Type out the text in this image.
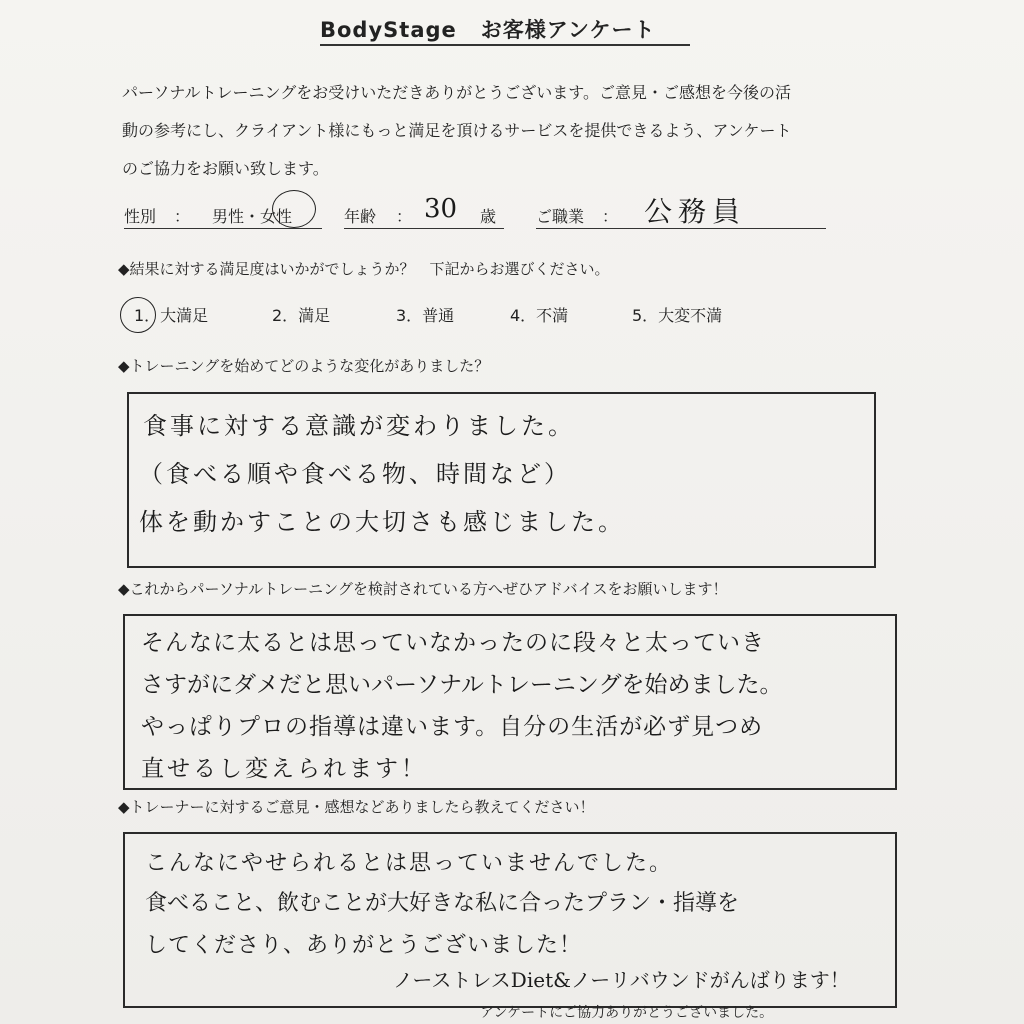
BodyStage お客様アンケート
パーソナルトレーニングをお受けいただきありがとうございます。ご意見・ご感想を今後の活
動の参考にし、クライアント様にもっと満足を頂けるサービスを提供できるよう、アンケート
のご協力をお願い致します。
性別 ： 男性・女性	年齢 ： 30 歳 ご職業 ： 公務員
◆結果に対する満足度はいかがでしょうか？　下記からお選びください。
1．大満足	2．満足	3．普通	4．不満	5．大変不満
◆トレーニングを始めてどのような変化がありました？
食事に対する意識が変わりました。
（食べる順や食べる物、時間など）
体を動かすことの大切さも感じました。
◆これからパーソナルトレーニングを検討されている方へぜひアドバイスをお願いします！
そんなに太るとは思っていなかったのに段々と太っていき
さすがにダメだと思いパーソナルトレーニングを始めました。
やっぱりプロの指導は違います。自分の生活が必ず見つめ
直せるし変えられます！
◆トレーナーに対するご意見・感想などありましたら教えてください！
こんなにやせられるとは思っていませんでした。
食べること、飲むことが大好きな私に合ったプラン・指導を
してくださり、ありがとうございました！
ノーストレスDiet&ノーリバウンドがんばります！
アンケートにご協力ありがとうございました。
